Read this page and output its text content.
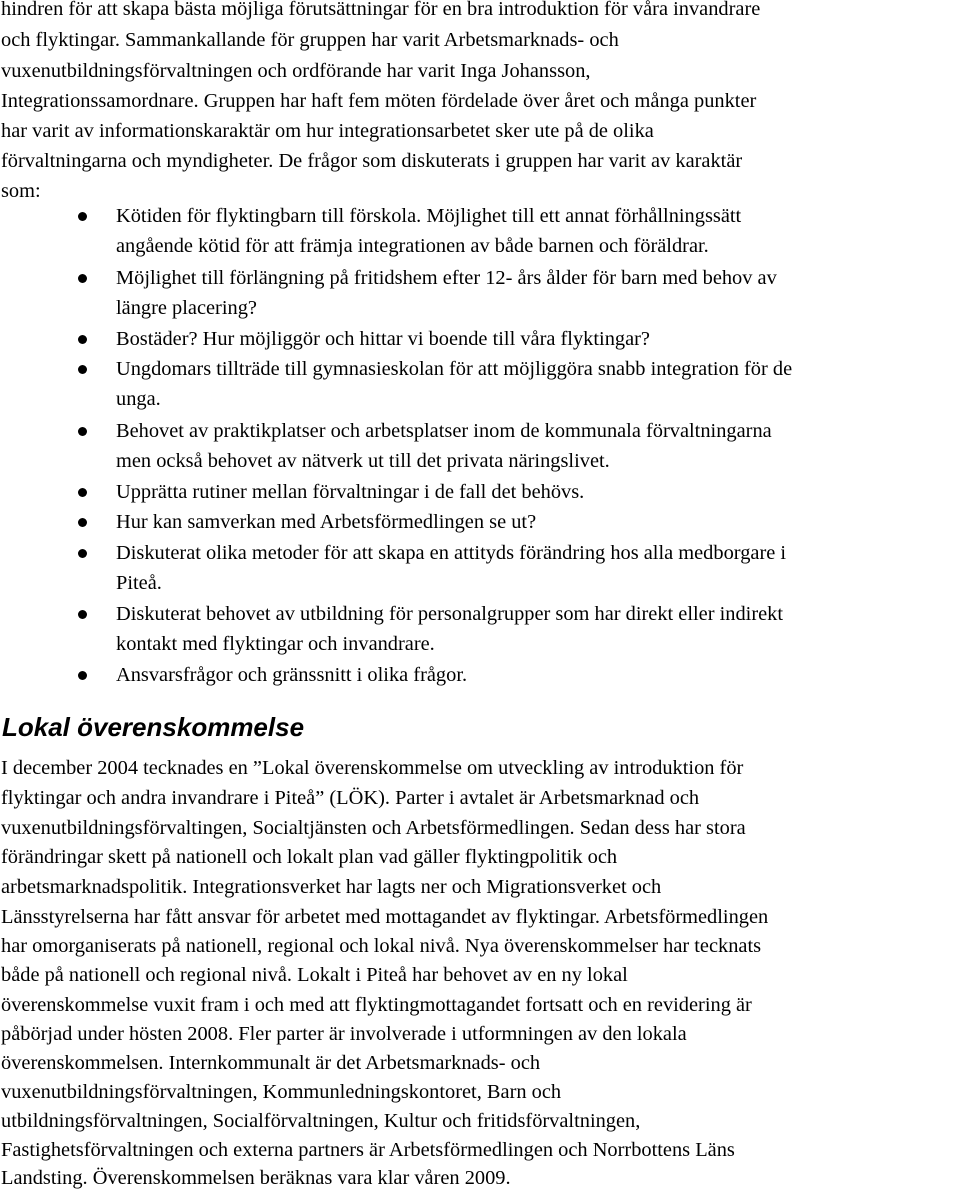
hindren för att skapa bästa möjliga förutsättningar för en bra introduktion för våra invandrare
och flyktingar. Sammankallande för gruppen har varit Arbetsmarknads- och
vuxenutbildningsförvaltningen och ordförande har varit Inga Johansson,
Integrationssamordnare. Gruppen har haft fem möten fördelade över året och många punkter
har varit av informationskaraktär om hur integrationsarbetet sker ute på de olika
förvaltningarna och myndigheter. De frågor som diskuterats i gruppen har varit av karaktär
som:
Kötiden för flyktingbarn till förskola. Möjlighet till ett annat förhållningssätt
angående kötid för att främja integrationen av både barnen och föräldrar.
Möjlighet till förlängning på fritidshem efter 12- års ålder för barn med behov av
längre placering?
Bostäder? Hur möjliggör och hittar vi boende till våra flyktingar?
Ungdomars tillträde till gymnasieskolan för att möjliggöra snabb integration för de
unga.
Behovet av praktikplatser och arbetsplatser inom de kommunala förvaltningarna
men också behovet av nätverk ut till det privata näringslivet.
Upprätta rutiner mellan förvaltningar i de fall det behövs.
Hur kan samverkan med Arbetsförmedlingen se ut?
Diskuterat olika metoder för att skapa en attityds förändring hos alla medborgare i
Piteå.
Diskuterat behovet av utbildning för personalgrupper som har direkt eller indirekt
kontakt med flyktingar och invandrare.
Ansvarsfrågor och gränssnitt i olika frågor.
Lokal överenskommelse
I december 2004 tecknades en ”Lokal överenskommelse om utveckling av introduktion för
flyktingar och andra invandrare i Piteå” (LÖK). Parter i avtalet är Arbetsmarknad och
vuxenutbildningsförvaltingen, Socialtjänsten och Arbetsförmedlingen. Sedan dess har stora
förändringar skett på nationell och lokalt plan vad gäller flyktingpolitik och
arbetsmarknadspolitik. Integrationsverket har lagts ner och Migrationsverket och
Länsstyrelserna har fått ansvar för arbetet med mottagandet av flyktingar. Arbetsförmedlingen
har omorganiserats på nationell, regional och lokal nivå. Nya överenskommelser har tecknats
både på nationell och regional nivå. Lokalt i Piteå har behovet av en ny lokal
överenskommelse vuxit fram i och med att flyktingmottagandet fortsatt och en revidering är
påbörjad under hösten 2008. Fler parter är involverade i utformningen av den lokala
överenskommelsen. Internkommunalt är det Arbetsmarknads- och
vuxenutbildningsförvaltningen, Kommunledningskontoret, Barn och
utbildningsförvaltningen, Socialförvaltningen, Kultur och fritidsförvaltningen,
Fastighetsförvaltningen och externa partners är Arbetsförmedlingen och Norrbottens Läns
Landsting. Överenskommelsen beräknas vara klar våren 2009.
